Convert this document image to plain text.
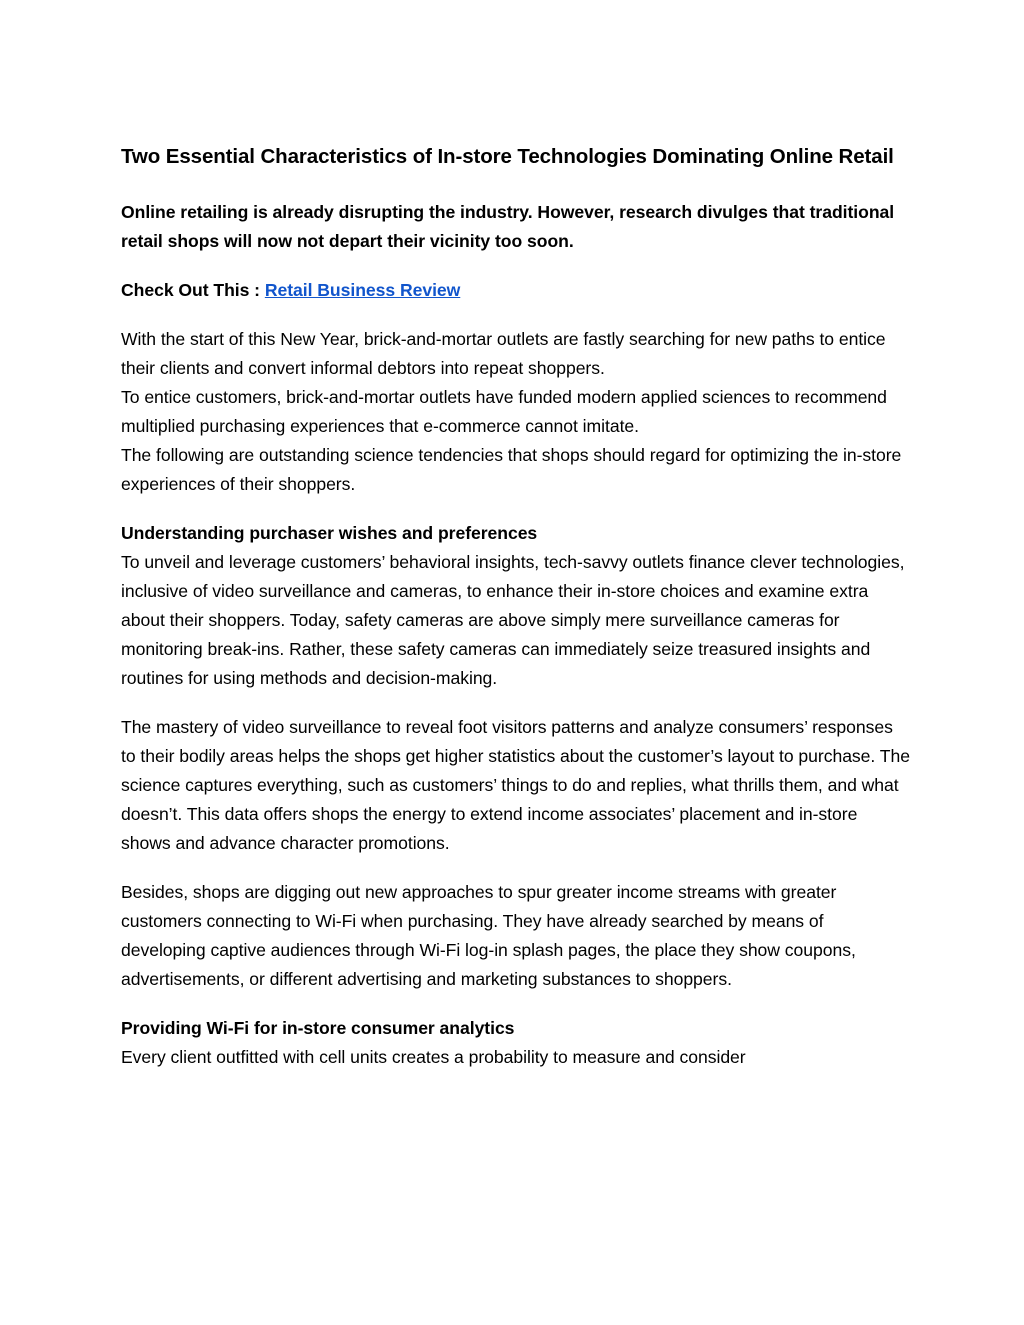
Two Essential Characteristics of In-store Technologies Dominating Online Retail

Online retailing is already disrupting the industry. However, research divulges that traditional retail shops will now not depart their vicinity too soon.

Check Out This : Retail Business Review

With the start of this New Year, brick-and-mortar outlets are fastly searching for new paths to entice their clients and convert informal debtors into repeat shoppers.
To entice customers, brick-and-mortar outlets have funded modern applied sciences to recommend multiplied purchasing experiences that e-commerce cannot imitate.
The following are outstanding science tendencies that shops should regard for optimizing the in-store experiences of their shoppers.

Understanding purchaser wishes and preferences
To unveil and leverage customers’ behavioral insights, tech-savvy outlets finance clever technologies, inclusive of video surveillance and cameras, to enhance their in-store choices and examine extra about their shoppers. Today, safety cameras are above simply mere surveillance cameras for monitoring break-ins. Rather, these safety cameras can immediately seize treasured insights and routines for using methods and decision-making.

The mastery of video surveillance to reveal foot visitors patterns and analyze consumers’ responses to their bodily areas helps the shops get higher statistics about the customer’s layout to purchase. The science captures everything, such as customers’ things to do and replies, what thrills them, and what doesn’t. This data offers shops the energy to extend income associates’ placement and in-store shows and advance character promotions.

Besides, shops are digging out new approaches to spur greater income streams with greater customers connecting to Wi-Fi when purchasing. They have already searched by means of developing captive audiences through Wi-Fi log-in splash pages, the place they show coupons, advertisements, or different advertising and marketing substances to shoppers.

Providing Wi-Fi for in-store consumer analytics
Every client outfitted with cell units creates a probability to measure and consider
